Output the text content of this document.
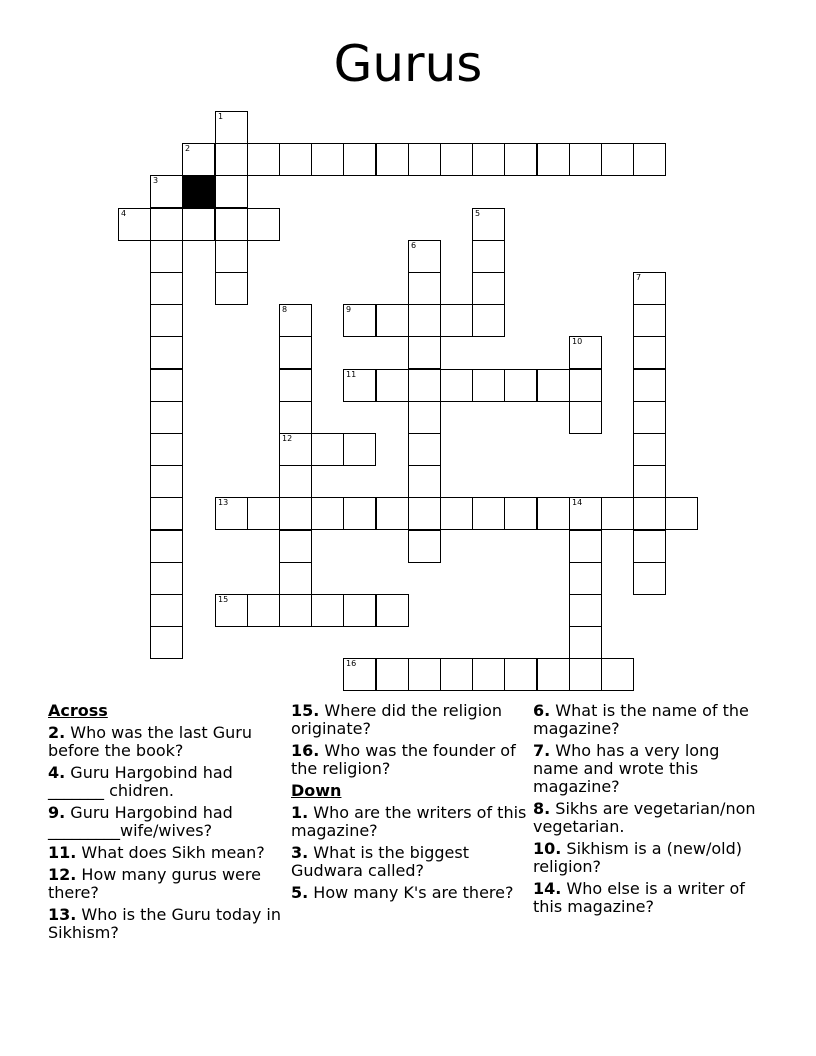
Gurus
1
2
3
4	5
6
7
8	9
10
11
12
13	14
15
16
Across
2. Who was the last Guru before the book?
4. Guru Hargobind had _______ chidren.
9. Guru Hargobind had _________wife/wives?
11. What does Sikh mean?
12. How many gurus were there?
13. Who is the Guru today in Sikhism?
15. Where did the religion originate?
16. Who was the founder of the religion?
Down
1. Who are the writers of this magazine?
3. What is the biggest Gudwara called?
5. How many K's are there?
6. What is the name of the magazine?
7. Who has a very long name and wrote this magazine?
8. Sikhs are vegetarian/non vegetarian.
10. Sikhism is a (new/old) religion?
14. Who else is a writer of this magazine?
